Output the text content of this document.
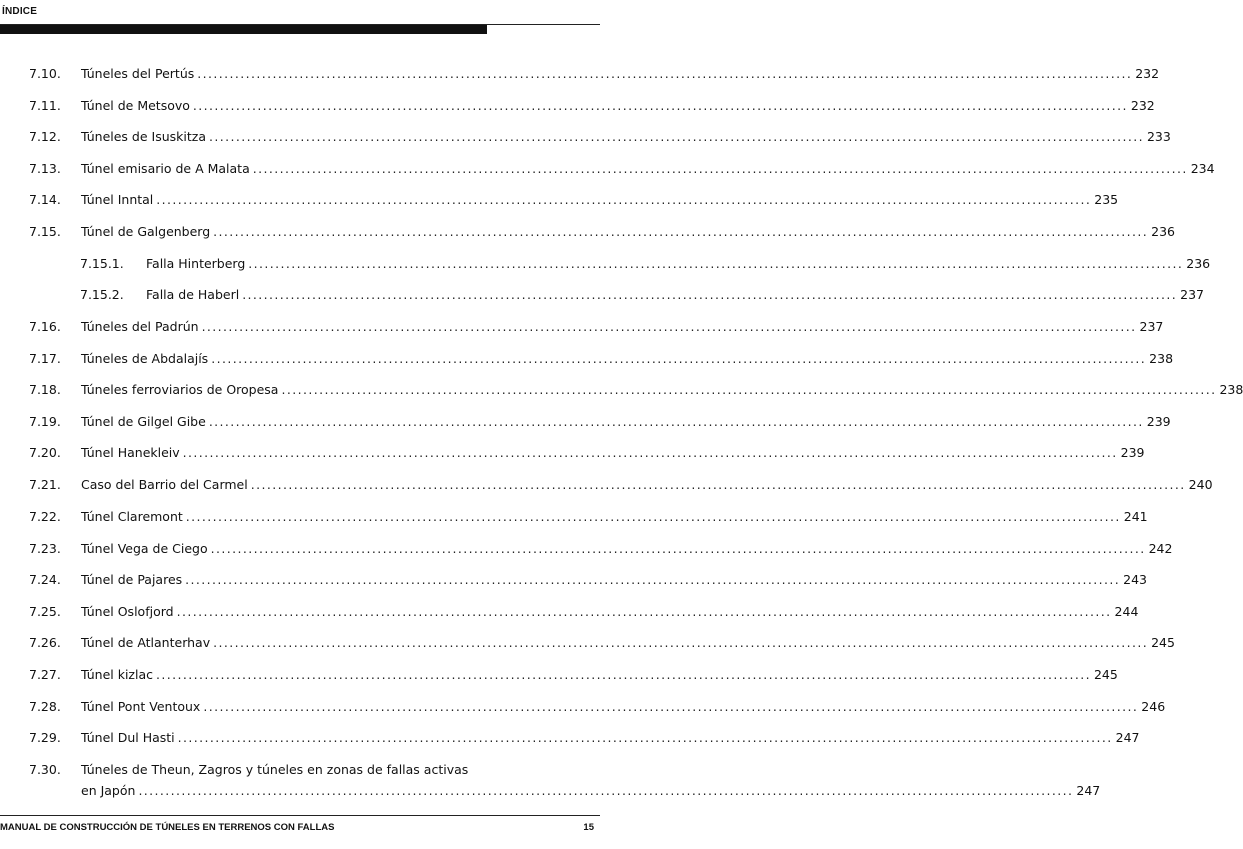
ÍNDICE
7.10. Túneles del Pertús .............................................................................................................................................................................. 232
7.11. Túnel de Metsovo .............................................................................................................................................................................. 232
7.12. Túneles de Isuskitza .............................................................................................................................................................................. 233
7.13. Túnel emisario de A Malata .............................................................................................................................................................................. 234
7.14. Túnel Inntal .............................................................................................................................................................................. 235
7.15. Túnel de Galgenberg .............................................................................................................................................................................. 236
7.15.1. Falla Hinterberg .............................................................................................................................................................................. 236
7.15.2. Falla de Haberl .............................................................................................................................................................................. 237
7.16. Túneles del Padrún .............................................................................................................................................................................. 237
7.17. Túneles de Abdalajís .............................................................................................................................................................................. 238
7.18. Túneles ferroviarios de Oropesa .............................................................................................................................................................................. 238
7.19. Túnel de Gilgel Gibe .............................................................................................................................................................................. 239
7.20. Túnel Hanekleiv .............................................................................................................................................................................. 239
7.21. Caso del Barrio del Carmel .............................................................................................................................................................................. 240
7.22. Túnel Claremont .............................................................................................................................................................................. 241
7.23. Túnel Vega de Ciego .............................................................................................................................................................................. 242
7.24. Túnel de Pajares .............................................................................................................................................................................. 243
7.25. Túnel Oslofjord .............................................................................................................................................................................. 244
7.26. Túnel de Atlanterhav .............................................................................................................................................................................. 245
7.27. Túnel kizlac .............................................................................................................................................................................. 245
7.28. Túnel Pont Ventoux .............................................................................................................................................................................. 246
7.29. Túnel Dul Hasti .............................................................................................................................................................................. 247
7.30. Túneles de Theun, Zagros y túneles en zonas de fallas activas
en Japón .............................................................................................................................................................................. 247
MANUAL DE CONSTRUCCIÓN DE TÚNELES EN TERRENOS CON FALLAS	15
